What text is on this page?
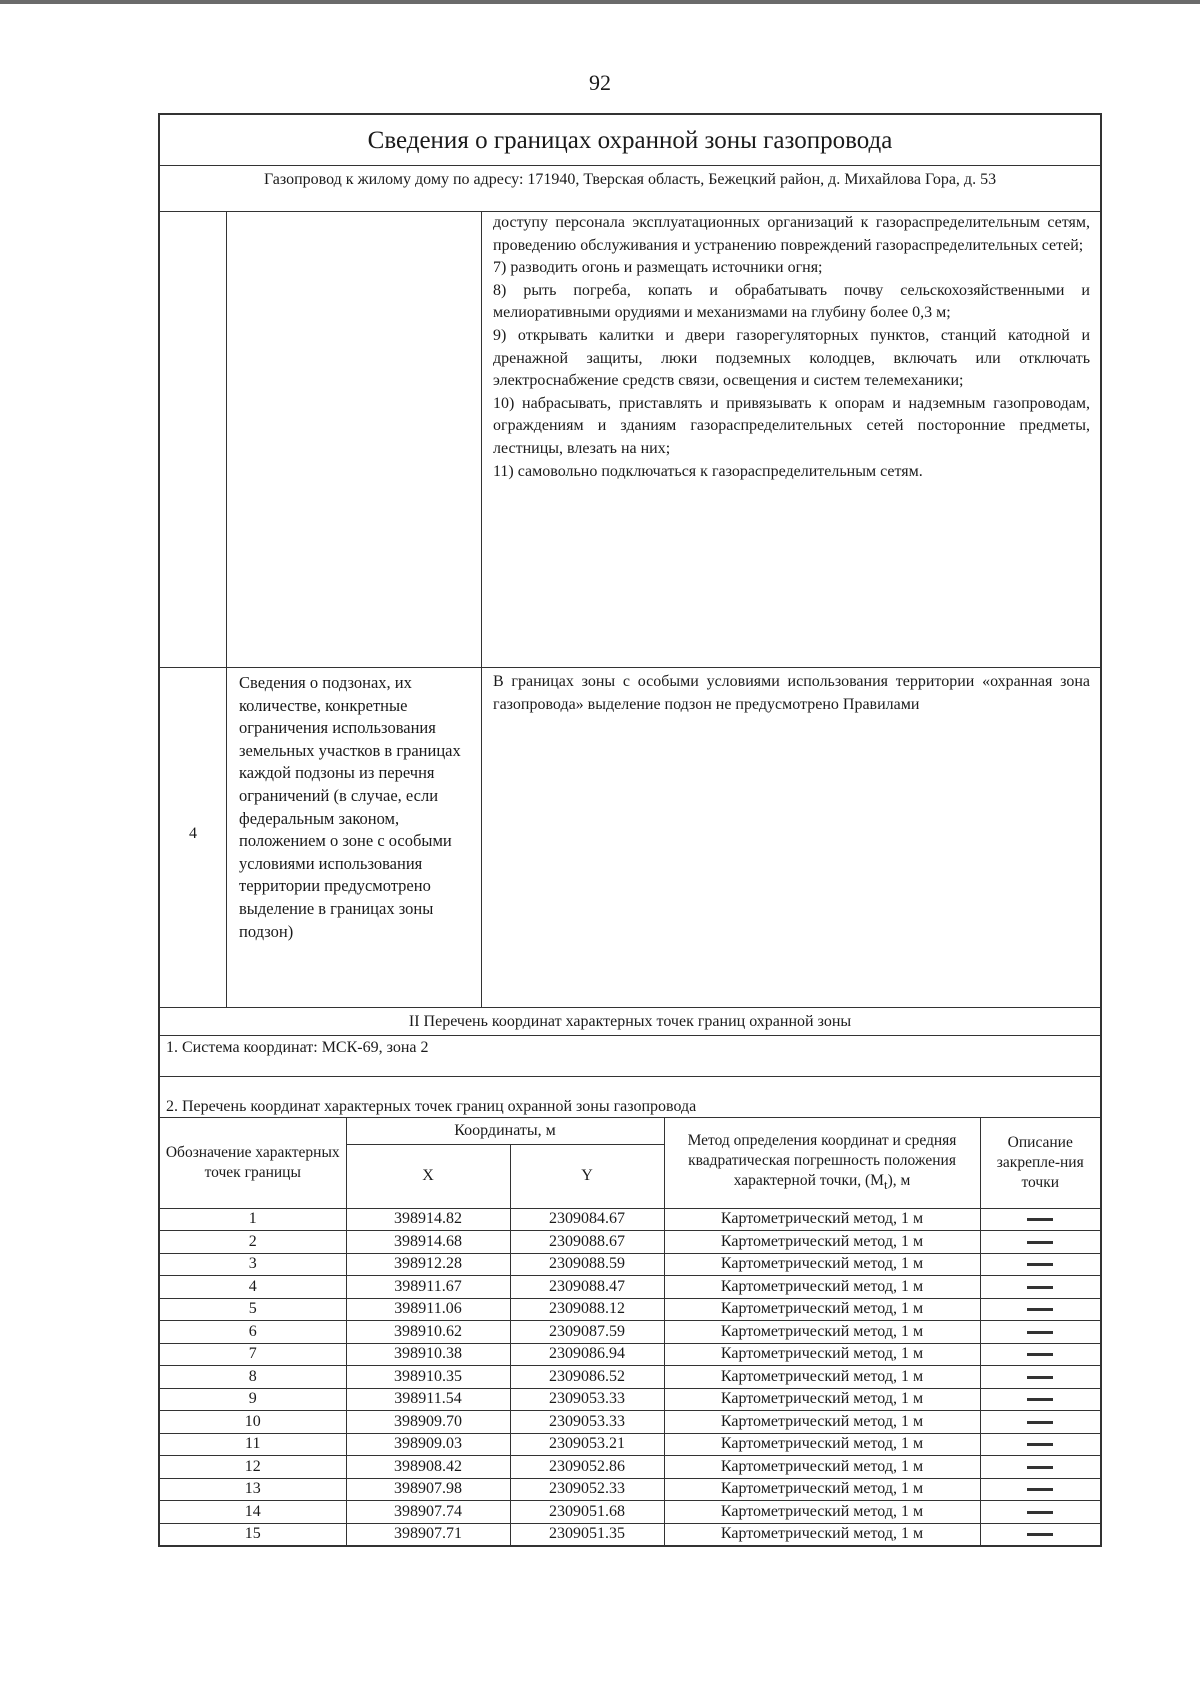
92
Сведения о границах охранной зоны газопровода
Газопровод к жилому дому по адресу: 171940, Тверская область, Бежецкий район, д. Михайлова Гора, д. 53

доступу персонала эксплуатационных организаций к газораспределительным сетям, проведению обслуживания и устранению повреждений газораспределительных сетей;

7) разводить огонь и размещать источники огня;

8) рыть погреба, копать и обрабатывать почву сельскохозяйственными и мелиоративными орудиями и механизмами на глубину более 0,3 м;

9) открывать калитки и двери газорегуляторных пунктов, станций катодной и дренажной защиты, люки подземных колодцев, включать или отключать электроснабжение средств связи, освещения и систем телемеханики;

10) набрасывать, приставлять и привязывать к опорам и надземным газопроводам, ограждениям и зданиям газораспределительных сетей посторонние предметы, лестницы, влезать на них;

11) самовольно подключаться к газораспределительным сетям.

4
Сведения о подзонах, их количестве, конкретные ограничения использования земельных участков в границах каждой подзоны из перечня ограничений (в случае, если федеральным законом, положением о зоне с особыми условиями использования территории предусмотрено выделение в границах зоны подзон)
В границах зоны с особыми условиями использования территории «охранная зона газопровода» выделение подзон не предусмотрено Правилами
II Перечень координат характерных точек границ охранной зоны
1. Система координат: МСК-69, зона 2
2. Перечень координат характерных точек границ охранной зоны газопровода
Обозначение характерных точек границы	Координаты, м		Метод определения координат и средняя квадратическая погрешность положения характерной точки, $(M_t)$, м	Описание закрепле-ния точки
	X	Y		
1	398914.82	2309084.67	Картометрический метод, 1 м	
2	398914.68	2309088.67	Картометрический метод, 1 м	
3	398912.28	2309088.59	Картометрический метод, 1 м	
4	398911.67	2309088.47	Картометрический метод, 1 м	
5	398911.06	2309088.12	Картометрический метод, 1 м	
6	398910.62	2309087.59	Картометрический метод, 1 м	
7	398910.38	2309086.94	Картометрический метод, 1 м	
8	398910.35	2309086.52	Картометрический метод, 1 м	
9	398911.54	2309053.33	Картометрический метод, 1 м	
10	398909.70	2309053.33	Картометрический метод, 1 м	
11	398909.03	2309053.21	Картометрический метод, 1 м	
12	398908.42	2309052.86	Картометрический метод, 1 м	
13	398907.98	2309052.33	Картометрический метод, 1 м	
14	398907.74	2309051.68	Картометрический метод, 1 м	
15	398907.71	2309051.35	Картометрический метод, 1 м	
